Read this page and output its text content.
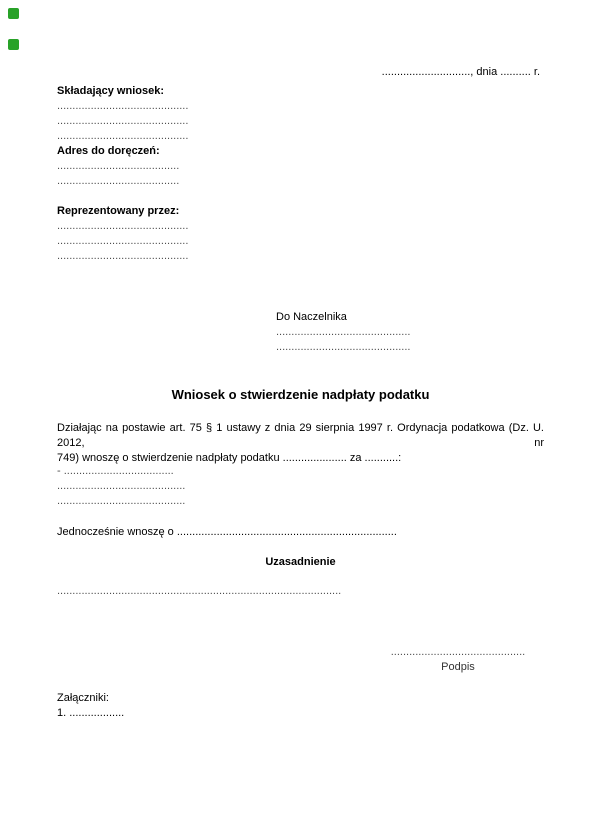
............................., dnia .......... r.
Składający wniosek:
...........................................
...........................................
...........................................
Adres do doręczeń:
........................................
........................................
Reprezentowany przez:
...........................................
...........................................
...........................................
Do Naczelnika
............................................
............................................
Wniosek o stwierdzenie nadpłaty podatku
Działając na postawie art. 75 § 1 ustawy z dnia 29 sierpnia 1997 r. Ordynacja podatkowa (Dz. U. 2012, nr
749) wnoszę o stwierdzenie nadpłaty podatku ..................... za ...........:
- ....................................
..........................................
..........................................
Jednocześnie wnoszę o ........................................................................
Uzasadnienie
.............................................................................................
............................................
Podpis
Załączniki:
1. ..................
